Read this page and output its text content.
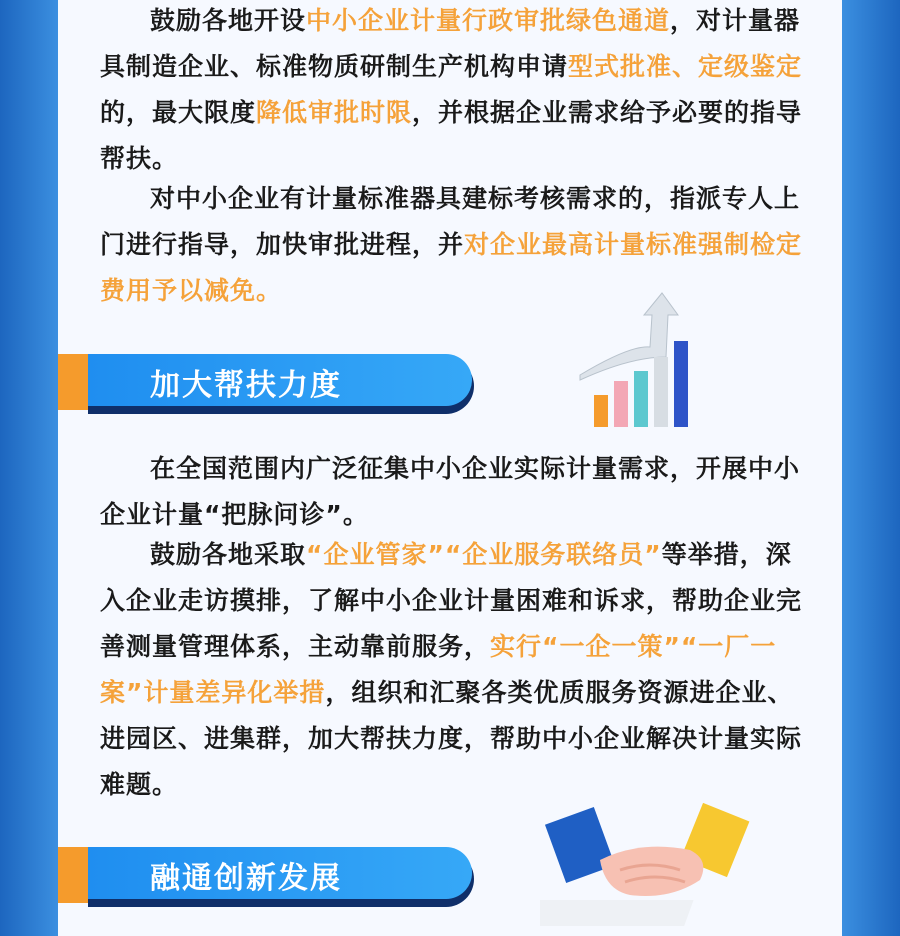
鼓励各地开设中小企业计量行政审批绿色通道，对计量器具制造企业、标准物质研制生产机构申请型式批准、定级鉴定的，最大限度降低审批时限，并根据企业需求给予必要的指导帮扶。
对中小企业有计量标准器具建标考核需求的，指派专人上门进行指导，加快审批进程，并对企业最高计量标准强制检定费用予以减免。
加大帮扶力度
在全国范围内广泛征集中小企业实际计量需求，开展中小企业计量“把脉问诊”。
鼓励各地采取“企业管家”“企业服务联络员”等举措，深入企业走访摸排，了解中小企业计量困难和诉求，帮助企业完善测量管理体系，主动靠前服务，实行“一企一策”“一厂一案”计量差异化举措，组织和汇聚各类优质服务资源进企业、进园区、进集群，加大帮扶力度，帮助中小企业解决计量实际难题。
融通创新发展
